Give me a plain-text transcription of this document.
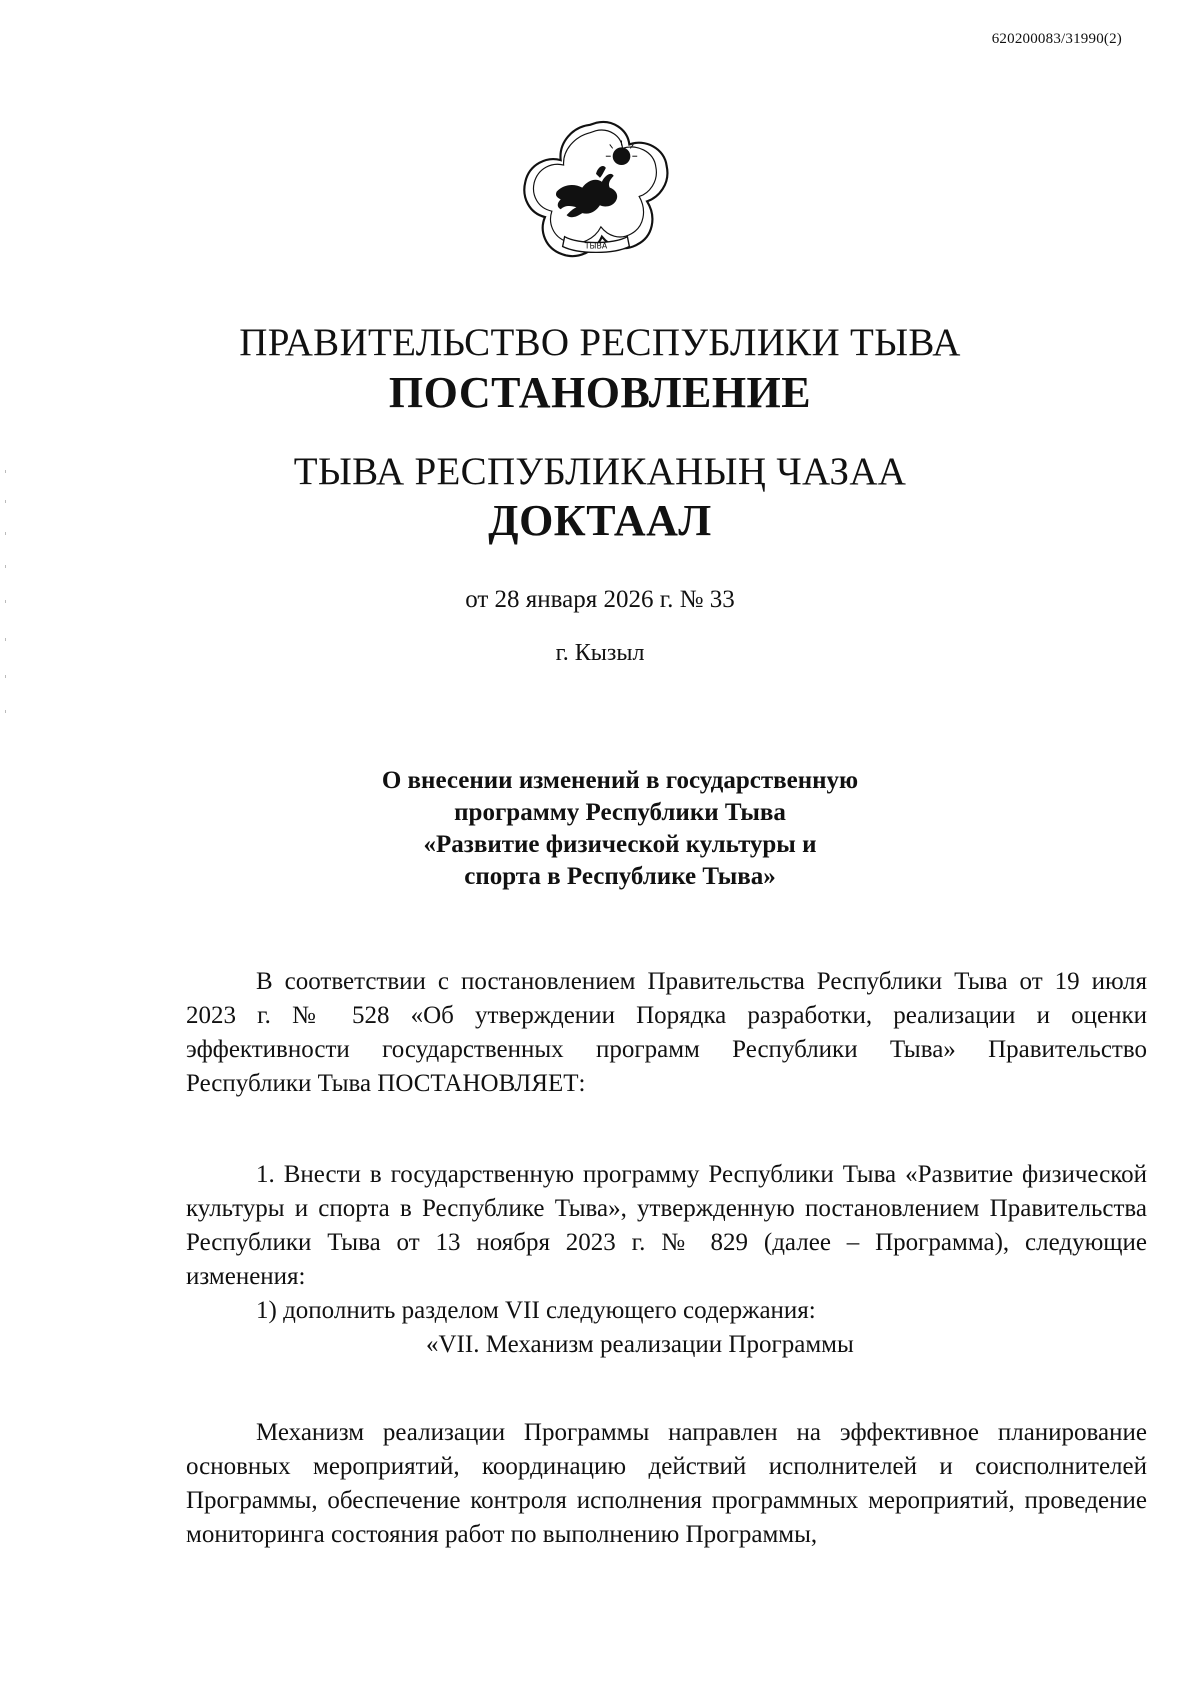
620200083/31990(2)
ТЫВА
ПРАВИТЕЛЬСТВО РЕСПУБЛИКИ ТЫВА
ПОСТАНОВЛЕНИЕ
ТЫВА РЕСПУБЛИКАНЫҢ ЧАЗАА
ДОКТААЛ
от 28 января 2026 г. № 33
г. Кызыл
О внесении изменений в государственную
программу Республики Тыва
«Развитие физической культуры и
спорта в Республике Тыва»

В соответствии с постановлением Правительства Республики Тыва от 19 июля 2023 г. № 528 «Об утверждении Порядка разработки, реализации и оценки эффективности государственных программ Республики Тыва» Правительство Республики Тыва ПОСТАНОВЛЯЕТ:

1. Внести в государственную программу Республики Тыва «Развитие физической культуры и спорта в Республике Тыва», утвержденную постановлением Правительства Республики Тыва от 13 ноября 2023 г. № 829 (далее – Программа), следующие изменения:

1) дополнить разделом VII следующего содержания:
«VII. Механизм реализации Программы

Механизм реализации Программы направлен на эффективное планирование основных мероприятий, координацию действий исполнителей и соисполнителей Программы, обеспечение контроля исполнения программных мероприятий, проведение мониторинга состояния работ по выполнению Программы,
